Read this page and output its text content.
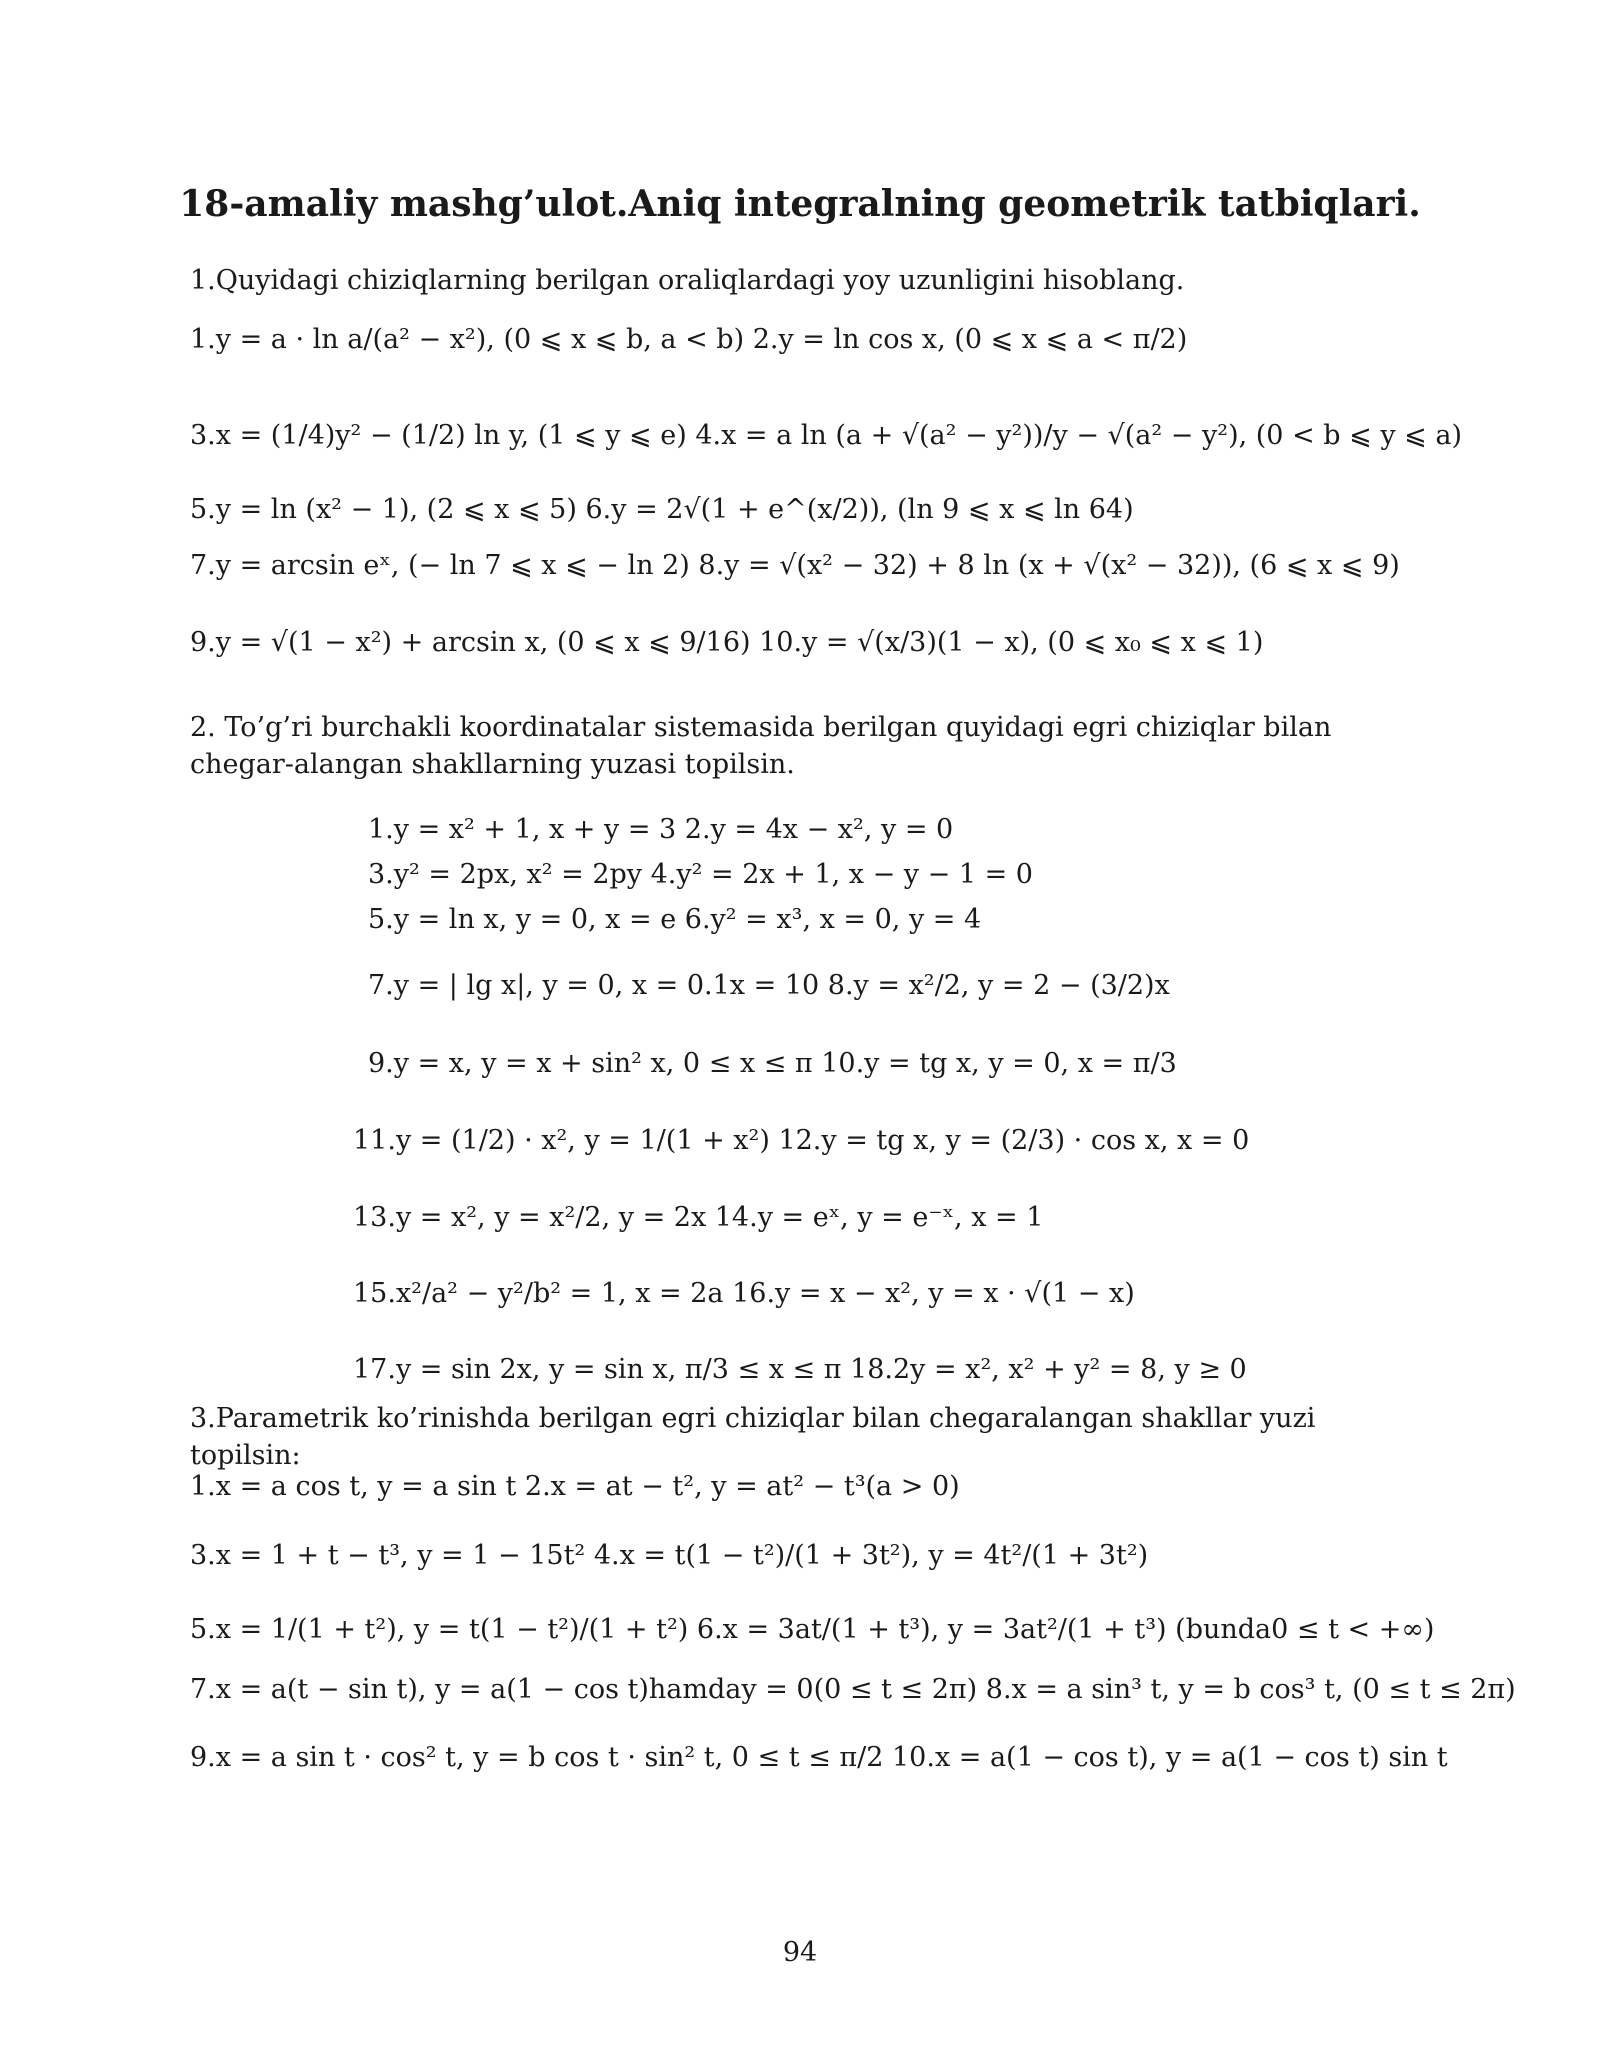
18-amaliy mashg’ulot.Aniq integralning geometrik tatbiqlari.
1.Quyidagi chiziqlarning berilgan oraliqlardagi yoy uzunligini hisoblang.
1.y = a · ln a/(a² − x²), (0 ⩽ x ⩽ b, a < b) 2.y = ln cos x, (0 ⩽ x ⩽ a < π/2)
3.x = (1/4)y² − (1/2) ln y, (1 ⩽ y ⩽ e) 4.x = a ln (a + √(a² − y²))/y − √(a² − y²), (0 < b ⩽ y ⩽ a)
5.y = ln (x² − 1), (2 ⩽ x ⩽ 5) 6.y = 2√(1 + e^(x/2)), (ln 9 ⩽ x ⩽ ln 64)
7.y = arcsin eˣ, (− ln 7 ⩽ x ⩽ − ln 2) 8.y = √(x² − 32) + 8 ln (x + √(x² − 32)), (6 ⩽ x ⩽ 9)
9.y = √(1 − x²) + arcsin x, (0 ⩽ x ⩽ 9/16) 10.y = √(x/3)(1 − x), (0 ⩽ x₀ ⩽ x ⩽ 1)
2. To’g’ri burchakli koordinatalar sistemasida berilgan quyidagi egri chiziqlar bilan chegar-alangan shakllarning yuzasi topilsin.
1.y = x² + 1, x + y = 3 2.y = 4x − x², y = 0
3.y² = 2px, x² = 2py 4.y² = 2x + 1, x − y − 1 = 0
5.y = ln x, y = 0, x = e 6.y² = x³, x = 0, y = 4
7.y = | lg x|, y = 0, x = 0.1x = 10 8.y = x²/2, y = 2 − (3/2)x
9.y = x, y = x + sin² x, 0 ≤ x ≤ π 10.y = tg x, y = 0, x = π/3
11.y = (1/2) · x², y = 1/(1 + x²) 12.y = tg x, y = (2/3) · cos x, x = 0
13.y = x², y = x²/2, y = 2x 14.y = eˣ, y = e⁻ˣ, x = 1
15.x²/a² − y²/b² = 1, x = 2a 16.y = x − x², y = x · √(1 − x)
17.y = sin 2x, y = sin x, π/3 ≤ x ≤ π 18.2y = x², x² + y² = 8, y ≥ 0
3.Parametrik ko’rinishda berilgan egri chiziqlar bilan chegaralangan shakllar yuzi topilsin:
1.x = a cos t, y = a sin t 2.x = at − t², y = at² − t³(a > 0)
3.x = 1 + t − t³, y = 1 − 15t² 4.x = t(1 − t²)/(1 + 3t²), y = 4t²/(1 + 3t²)
5.x = 1/(1 + t²), y = t(1 − t²)/(1 + t²) 6.x = 3at/(1 + t³), y = 3at²/(1 + t³) (bunda0 ≤ t < +∞)
7.x = a(t − sin t), y = a(1 − cos t)hamday = 0(0 ≤ t ≤ 2π) 8.x = a sin³ t, y = b cos³ t, (0 ≤ t ≤ 2π)
9.x = a sin t · cos² t, y = b cos t · sin² t, 0 ≤ t ≤ π/2 10.x = a(1 − cos t), y = a(1 − cos t) sin t
94
